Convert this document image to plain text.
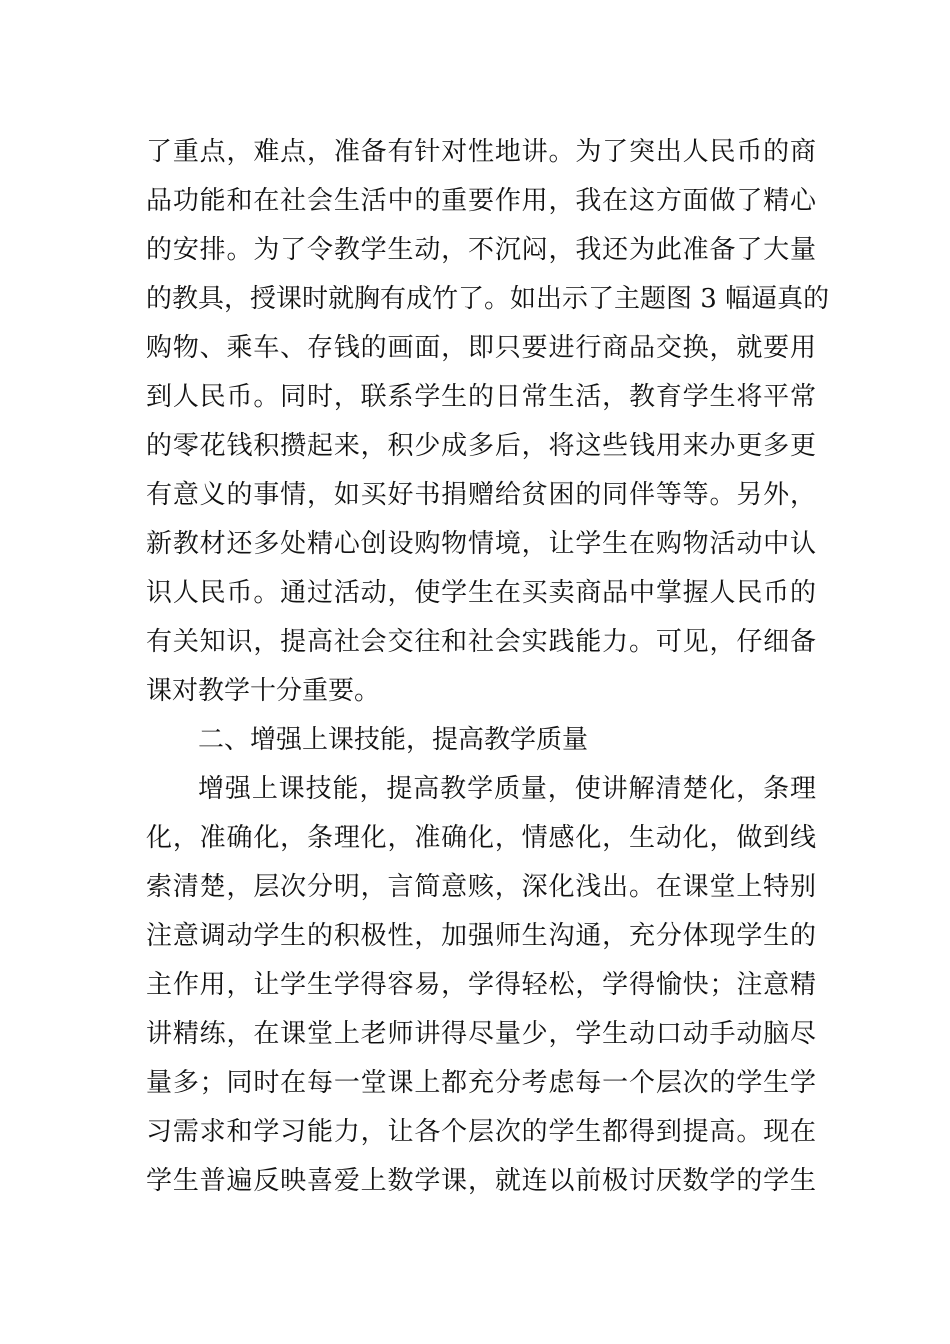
了重点，难点，准备有针对性地讲。为了突出人民币的商
品功能和在社会生活中的重要作用，我在这方面做了精心
的安排。为了令教学生动，不沉闷，我还为此准备了大量
的教具，授课时就胸有成竹了。如出示了主题图 3 幅逼真的
购物、乘车、存钱的画面，即只要进行商品交换，就要用
到人民币。同时，联系学生的日常生活，教育学生将平常
的零花钱积攒起来，积少成多后，将这些钱用来办更多更
有意义的事情，如买好书捐赠给贫困的同伴等等。另外，
新教材还多处精心创设购物情境，让学生在购物活动中认
识人民币。通过活动，使学生在买卖商品中掌握人民币的
有关知识，提高社会交往和社会实践能力。可见，仔细备
课对教学十分重要。
二、增强上课技能，提高教学质量
增强上课技能，提高教学质量，使讲解清楚化，条理
化，准确化，条理化，准确化，情感化，生动化，做到线
索清楚，层次分明，言简意赅，深化浅出。在课堂上特别
注意调动学生的积极性，加强师生沟通，充分体现学生的
主作用，让学生学得容易，学得轻松，学得愉快；注意精
讲精练，在课堂上老师讲得尽量少，学生动口动手动脑尽
量多；同时在每一堂课上都充分考虑每一个层次的学生学
习需求和学习能力，让各个层次的学生都得到提高。现在
学生普遍反映喜爱上数学课，就连以前极讨厌数学的学生
